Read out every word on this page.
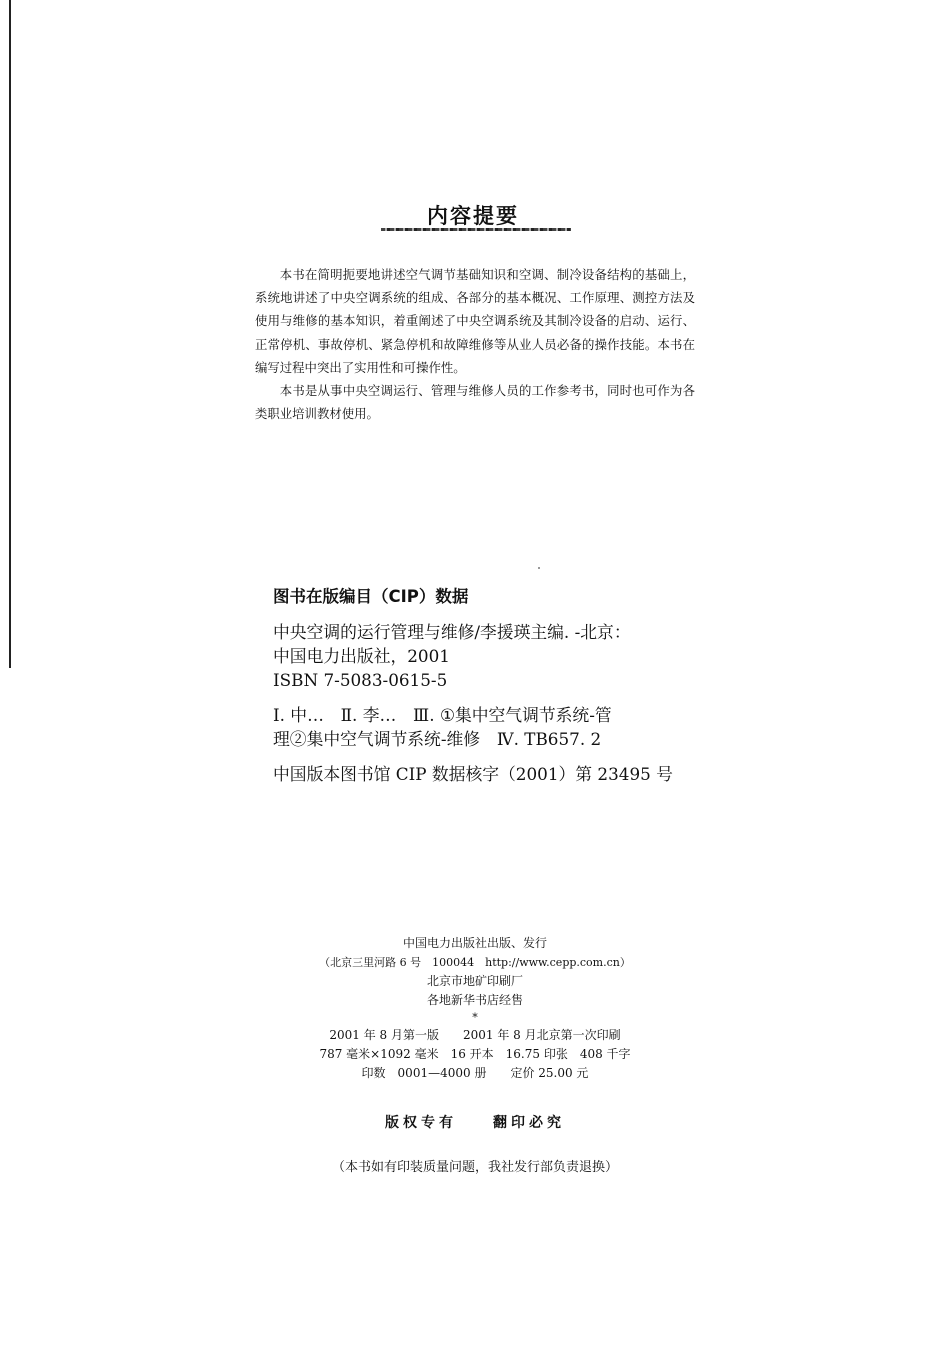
内容提要

本书在简明扼要地讲述空气调节基础知识和空调、制冷设备结构的基础上，系统地讲述了中央空调系统的组成、各部分的基本概况、工作原理、测控方法及使用与维修的基本知识，着重阐述了中央空调系统及其制冷设备的启动、运行、正常停机、事故停机、紧急停机和故障维修等从业人员必备的操作技能。本书在编写过程中突出了实用性和可操作性。

本书是从事中央空调运行、管理与维修人员的工作参考书，同时也可作为各类职业培训教材使用。

图书在版编目（CIP）数据
中央空调的运行管理与维修/李援瑛主编. -北京：
中国电力出版社，2001
ISBN 7-5083-0615-5
Ⅰ. 中…　Ⅱ. 李…　Ⅲ. ①集中空气调节系统-管
理②集中空气调节系统-维修　Ⅳ. TB657. 2
中国版本图书馆 CIP 数据核字（2001）第 23495 号
中国电力出版社出版、发行
（北京三里河路 6 号　100044　http://www.cepp.com.cn）
北京市地矿印刷厂
各地新华书店经售
*
2001 年 8 月第一版　　2001 年 8 月北京第一次印刷
787 毫米×1092 毫米　16 开本　16.75 印张　408 千字
印数　0001—4000 册　　定价 25.00 元
版权专有　　翻印必究
（本书如有印装质量问题，我社发行部负责退换）
